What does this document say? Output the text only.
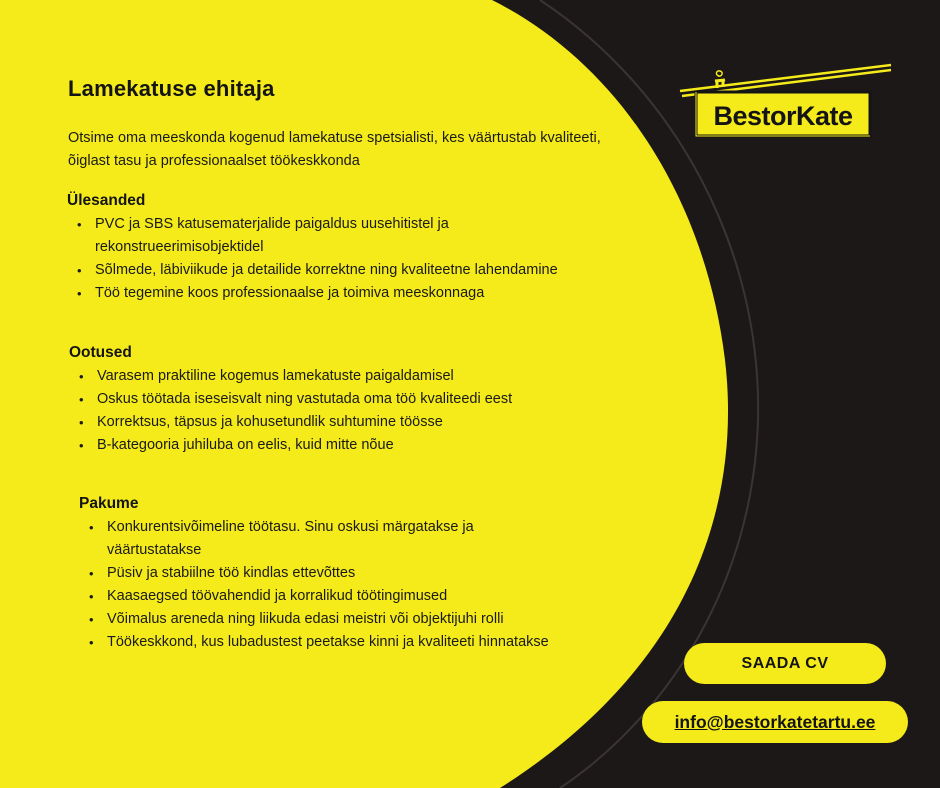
Lamekatuse ehitaja
Otsime oma meeskonda kogenud lamekatuse spetsialisti, kes väärtustab kvaliteeti, õiglast tasu ja professionaalset töökeskkonda
Ülesanded
• PVC ja SBS katusematerjalide paigaldus uusehitistel ja rekonstrueerimisobjektidel
• Sõlmede, läbiviikude ja detailide korrektne ning kvaliteetne lahendamine
• Töö tegemine koos professionaalse ja toimiva meeskonnaga
Ootused
• Varasem praktiline kogemus lamekatuste paigaldamisel
• Oskus töötada iseseisvalt ning vastutada oma töö kvaliteedi eest
• Korrektsus, täpsus ja kohusetundlik suhtumine töösse
• B-kategooria juhiluba on eelis, kuid mitte nõue
Pakume
• Konkurentsivõimeline töötasu. Sinu oskusi märgatakse ja väärtustatakse
• Püsiv ja stabiilne töö kindlas ettevõttes
• Kaasaegsed töövahendid ja korralikud töötingimused
• Võimalus areneda ning liikuda edasi meistri või objektijuhi rolli
• Töökeskkond, kus lubadustest peetakse kinni ja kvaliteeti hinnatakse
BestorKate
SAADA CV
info@bestorkatetartu.ee
